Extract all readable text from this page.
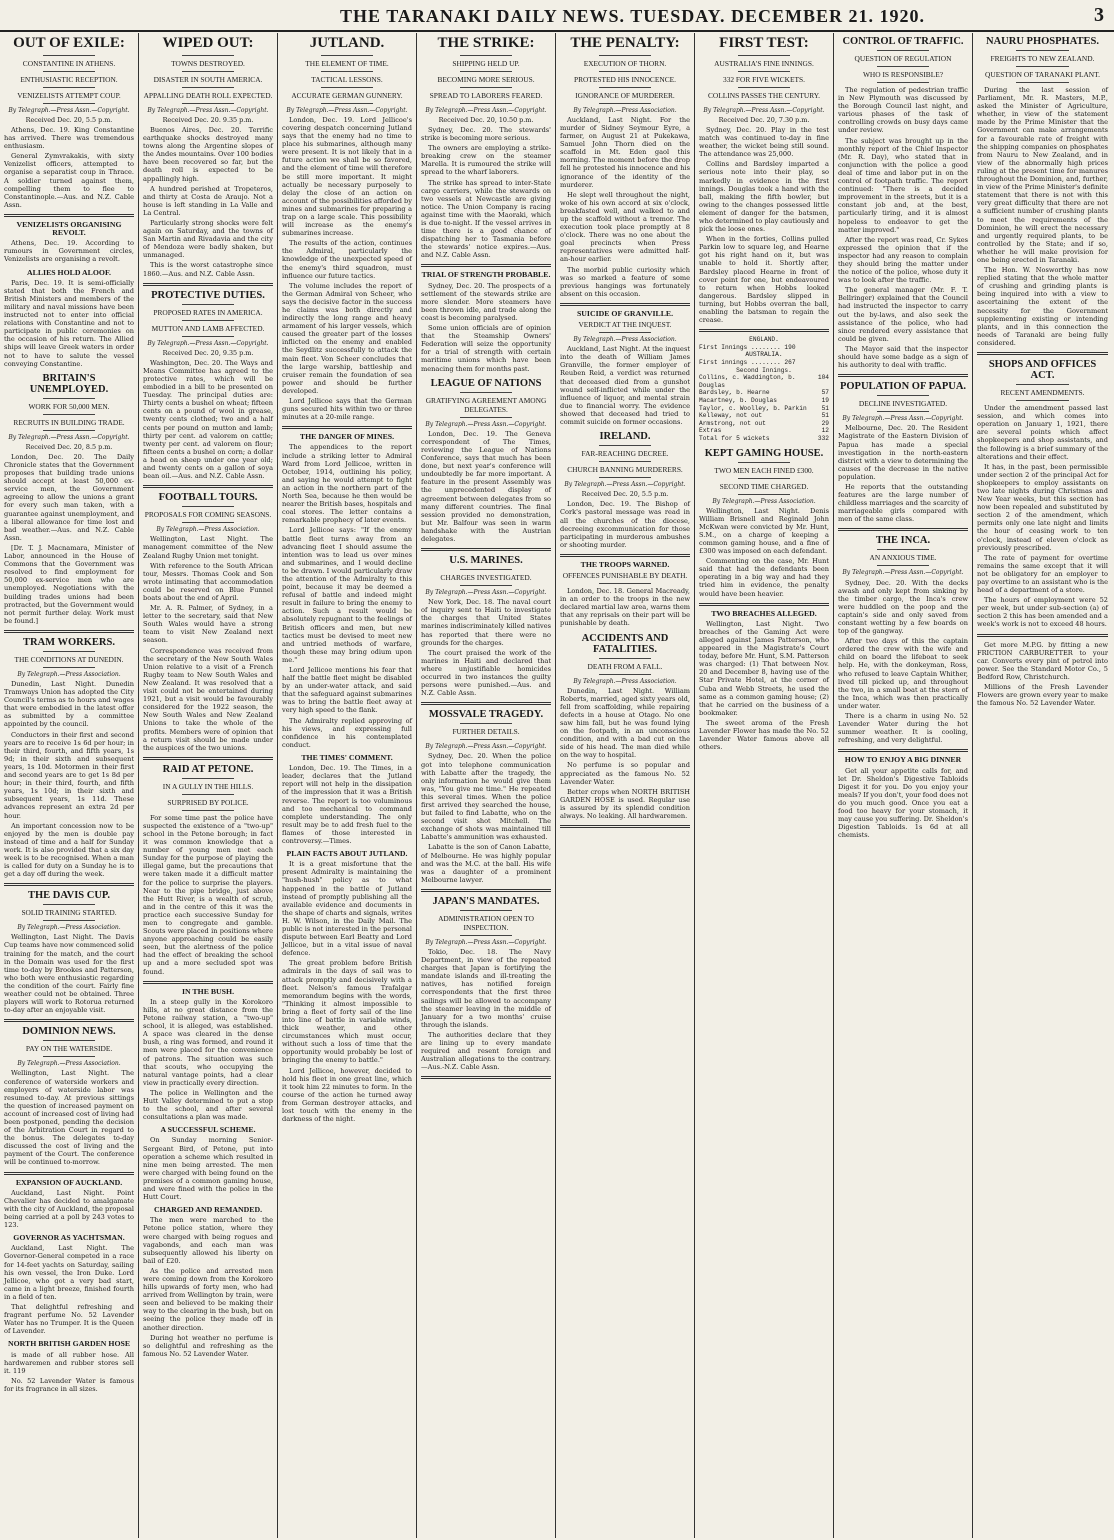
THE TARANAKI DAILY NEWS. TUESDAY. DECEMBER 21. 1920.	3
OUT OF EXILE:
CONSTANTINE IN ATHENS.
ENTHUSIASTIC RECEPTION.
VENIZELISTS ATTEMPT COUP.
By Telegraph.—Press Assn.—Copyright.
Received Dec. 20, 5.5 p.m.

Athens, Dec. 19. King Constantine has arrived. There was tremendous enthusiasm.

General Zymvrakakis, with sixty Venizelist officers, attempted to organise a separatist coup in Thrace. A soldier turned against them, compelling them to flee to Constantinople.—Aus. and N.Z. Cable Assn.

VENIZELISTS ORGANISING REVOLT.

Athens, Dec. 19. According to rumours in Government circles, Venizelists are organising a revolt.

ALLIES HOLD ALOOF.

Paris, Dec. 19. It is semi-officially stated that both the French and British Ministers and members of the military and naval missions have been instructed not to enter into official relations with Constantine and not to participate in public ceremonies on the occasion of his return. The Allied ships will leave Greek waters in order not to have to salute the vessel conveying Constantine.

BRITAIN'S UNEMPLOYED.
WORK FOR 50,000 MEN.
RECRUITS IN BUILDING TRADE.
By Telegraph.—Press Assn.—Copyright.
Received Dec. 20, 8.5 p.m.

London, Dec. 20. The Daily Chronicle states that the Government proposes that building trade unions should accept at least 50,000 ex-service men, the Government agreeing to allow the unions a grant for every such man taken, with a guarantee against unemployment, and a liberal allowance for time lost and bad weather.—Aus. and N.Z. Cable Assn.

[Dr. T. J. Macnamara, Minister of Labor, announced in the House of Commons that the Government was resolved to find employment for 50,000 ex-service men who are unemployed. Negotiations with the building trades unions had been protracted, but the Government would not permit further delay. Work must be found.]

TRAM WORKERS.
THE CONDITIONS AT DUNEDIN.
By Telegraph.—Press Association.

Dunedin, Last Night. Dunedin Tramways Union has adopted the City Council's terms as to hours and wages that were embodied in the latest offer as submitted by a committee appointed by the council.

Conductors in their first and second years are to receive 1s 6d per hour; in their third, fourth, and fifth years, 1s 9d; in their sixth and subsequent years, 1s 10d. Motormen in their first and second years are to get 1s 8d per hour; in their third, fourth, and fifth years, 1s 10d; in their sixth and subsequent years, 1s 11d. These advances represent an extra 2d per hour.

An important concession now to be enjoyed by the men is double pay instead of time and a half for Sunday work. It is also provided that a six day week is to be recognised. When a man is called for duty on a Sunday he is to get a day off during the week.

THE DAVIS CUP.
SOLID TRAINING STARTED.
By Telegraph.—Press Association.

Wellington, Last Night. The Davis Cup teams have now commenced solid training for the match, and the court in the Domain was used for the first time to-day by Brookes and Patterson, who both were enthusiastic regarding the condition of the court. Fairly fine weather could not be obtained. Three players will work to Rotorua returned to-day after an enjoyable visit.

DOMINION NEWS.
PAY ON THE WATERSIDE.
By Telegraph.—Press Association.

Wellington, Last Night. The conference of waterside workers and employers of waterside labor was resumed to-day. At previous sittings the question of increased payment on account of increased cost of living had been postponed, pending the decision of the Arbitration Court in regard to the bonus. The delegates to-day discussed the cost of living and the payment of the Court. The conference will be continued to-morrow.

EXPANSION OF AUCKLAND.

Auckland, Last Night. Point Chevalier has decided to amalgamate with the city of Auckland, the proposal being carried at a poll by 243 votes to 123.

GOVERNOR AS YACHTSMAN.

Auckland, Last Night. The Governor-General competed in a race for 14-feet yachts on Saturday, sailing his own vessel, the Iron Duke. Lord Jellicoe, who got a very bad start, came in a light breeze, finished fourth in a field of ten.

That delightful refreshing and fragrant perfume No. 52 Lavender Water has no Trumper. It is the Queen of Lavender.

NORTH BRITISH GARDEN HOSE

is made of all rubber hose. All hardwaremen and rubber stores sell it. 119

No. 52 Lavender Water is famous for its fragrance in all sizes.

WIPED OUT:
TOWNS DESTROYED.
DISASTER IN SOUTH AMERICA.
APPALLING DEATH ROLL EXPECTED.
By Telegraph.—Press Assn.—Copyright.
Received Dec. 20. 9.35 p.m.

Buenos Aires, Dec. 20. Terrific earthquake shocks destroyed many towns along the Argentine slopes of the Andes mountains. Over 100 bodies have been recovered so far, but the death roll is expected to be appallingly high.

A hundred perished at Tropeteros, and thirty at Costa de Araujo. Not a house is left standing in La Valle and La Central.

Particularly strong shocks were felt again on Saturday, and the towns of San Martin and Rivadavia and the city of Mendoza were badly shaken, but unmanaged.

This is the worst catastrophe since 1860.—Aus. and N.Z. Cable Assn.

PROTECTIVE DUTIES.
PROPOSED RATES IN AMERICA.
MUTTON AND LAMB AFFECTED.
By Telegraph.—Press Assn.—Copyright.
Received Dec. 20, 9.35 p.m.

Washington, Dec. 20. The Ways and Means Committee has agreed to the protective rates, which will be embodied in a bill to be presented on Tuesday. The principal duties are: Thirty cents a bushel on wheat; fifteen cents on a pound of wool in grease, twenty cents clothed; two and a half cents per pound on mutton and lamb; thirty per cent. ad valorem on cattle; twenty per cent. ad valorem on flour; fifteen cents a bushel on corn; a dollar a head on sheep under one year old; and twenty cents on a gallon of soya bean oil.—Aus. and N.Z. Cable Assn.

FOOTBALL TOURS.
PROPOSALS FOR COMING SEASONS.
By Telegraph.—Press Association.

Wellington, Last Night. The management committee of the New Zealand Rugby Union met tonight.

With reference to the South African tour, Messrs. Thomas Cook and Son wrote intimating that accommodation could be reserved on Blue Funnel boats about the end of April.

Mr. A. R. Palmer, of Sydney, in a letter to the secretary, said that New South Wales would have a strong team to visit New Zealand next season.

Correspondence was received from the secretary of the New South Wales Union relative to a visit of a French Rugby team to New South Wales and New Zealand. It was resolved that a visit could not be entertained during 1921, but a visit would be favourably considered for the 1922 season, the New South Wales and New Zealand Unions to take the whole of the profits. Members were of opinion that a return visit should be made under the auspices of the two unions.

RAID AT PETONE.
IN A GULLY IN THE HILLS.
SURPRISED BY POLICE.

For some time past the police have suspected the existence of a "two-up" school in the Petone borough; in fact it was common knowledge that a number of young men met each Sunday for the purpose of playing the illegal game, but the precautions that were taken made it a difficult matter for the police to surprise the players. Near to the pipe bridge, just above the Hutt River, is a wealth of scrub, and in the centre of this it was the practice each successive Sunday for men to congregate and gamble. Scouts were placed in positions where anyone approaching could be easily seen, but the alertness of the police had the effect of breaking the school up and a more secluded spot was found.

IN THE BUSH.

In a steep gully in the Korokoro hills, at no great distance from the Petone railway station, a "two-up" school, it is alleged, was established. A space was cleared in the dense bush, a ring was formed, and round it men were placed for the convenience of patrons. The situation was such that scouts, who occupying the natural vantage points, had a clear view in practically every direction.

The police in Wellington and the Hutt Valley determined to put a stop to the school, and after several consultations a plan was made.

A SUCCESSFUL SCHEME.

On Sunday morning Senior-Sergeant Bird, of Petone, put into operation a scheme which resulted in nine men being arrested. The men were charged with being found on the premises of a common gaming house, and were fined with the police in the Hutt Court.

CHARGED AND REMANDED.

The men were marched to the Petone police station, where they were charged with being rogues and vagabonds, and each man was subsequently allowed his liberty on bail of £20.

As the police and arrested men were coming down from the Korokoro hills upwards of forty men, who had arrived from Wellington by train, were seen and believed to be making their way to the clearing in the bush, but on seeing the police they made off in another direction.

During hot weather no perfume is so delightful and refreshing as the famous No. 52 Lavender Water.

JUTLAND.
THE ELEMENT OF TIME.
TACTICAL LESSONS.
ACCURATE GERMAN GUNNERY.
By Telegraph.—Press Assn.—Copyright.

London, Dec. 19. Lord Jellicoe's covering despatch concerning Jutland says that the enemy had no time to place his submarines, although many were present. It is not likely that in a future action we shall be so favored, and the element of time will therefore be still more important. It might actually be necessary purposely to delay the close of an action on account of the possibilities afforded by mines and submarines for preparing a trap on a large scale. This possibility will increase as the enemy's submarines increase.

The results of the action, continues the Admiral, particularly the knowledge of the unexpected speed of the enemy's third squadron, must influence our future tactics.

The volume includes the report of the German Admiral von Scheer, who says the decisive factor in the success he claims was both directly and indirectly the long range and heavy armament of his larger vessels, which caused the greater part of the losses inflicted on the enemy and enabled the Seydlitz successfully to attack the main fleet. Von Scheer concludes that the large warship, battleship and cruiser remain the foundation of sea power and should be further developed.

Lord Jellicoe says that the German guns secured hits within two or three minutes at a 20-mile range.

THE DANGER OF MINES.

The appendices to the report include a striking letter to Admiral Ward from Lord Jellicoe, written in October, 1914, outlining his policy, and saying he would attempt to fight an action in the northern part of the North Sea, because he then would be nearer the British bases, hospitals and coal stores. The letter contains a remarkable prophecy of later events.

Lord Jellicoe says: "If the enemy battle fleet turns away from an advancing fleet I should assume the intention was to lead us over mines and submarines, and I would decline to be drawn. I would particularly draw the attention of the Admiralty to this point, because it may be deemed a refusal of battle and indeed might result in failure to bring the enemy to action. Such a result would be absolutely repugnant to the feelings of British officers and men, but new tactics must be devised to meet new and untried methods of warfare, though these may bring odium upon me."

Lord Jellicoe mentions his fear that half the battle fleet might be disabled by an under-water attack, and said that the safeguard against submarines was to bring the battle fleet away at very high speed to the flank.

The Admiralty replied approving of his views, and expressing full confidence in his contemplated conduct.

THE TIMES' COMMENT.

London, Dec. 19. The Times, in a leader, declares that the Jutland report will not help in the dissipation of the impression that it was a British reverse. The report is too voluminous and too mechanical to command complete understanding. The only result may be to add fresh fuel to the flames of those interested in controversy.—Times.

PLAIN FACTS ABOUT JUTLAND.

It is a great misfortune that the present Admiralty is maintaining the "hush-hush" policy as to what happened in the battle of Jutland instead of promptly publishing all the available evidence and documents in the shape of charts and signals, writes H. W. Wilson, in the Daily Mail. The public is not interested in the personal dispute between Earl Beatty and Lord Jellicoe, but in a vital issue of naval defence.

The great problem before British admirals in the days of sail was to attack promptly and decisively with a fleet. Nelson's famous Trafalgar memorandum begins with the words, "Thinking it almost impossible to bring a fleet of forty sail of the line into line of battle in variable winds, thick weather, and other circumstances which must occur, without such a loss of time that the opportunity would probably be lost of bringing the enemy to battle."

Lord Jellicoe, however, decided to hold his fleet in one great line, which it took him 22 minutes to form. In the course of the action he turned away from German destroyer attacks, and lost touch with the enemy in the darkness of the night.

THE STRIKE:
SHIPPING HELD UP.
BECOMING MORE SERIOUS.
SPREAD TO LABORERS FEARED.
By Telegraph.—Press Assn.—Copyright.
Received Dec. 20, 10.50 p.m.

Sydney, Dec. 20. The stewards' strike is becoming more serious.

The owners are employing a strike-breaking crew on the steamer Marella. It is rumoured the strike will spread to the wharf laborers.

The strike has spread to inter-State cargo carriers, while the stewards on two vessels at Newcastle are giving notice. The Union Company is racing against time with the Maoraki, which is due to-night. If the vessel arrives in time there is a good chance of dispatching her to Tasmania before the stewards' notice expires.—Aus. and N.Z. Cable Assn.

TRIAL OF STRENGTH PROBABLE.

Sydney, Dec. 20. The prospects of a settlement of the stewards strike are more slender. More steamers have been thrown idle, and trade along the coast is becoming paralysed.

Some union officials are of opinion that the Steamship Owners' Federation will seize the opportunity for a trial of strength with certain maritime unions which have been menacing them for months past.

LEAGUE OF NATIONS
GRATIFYING AGREEMENT AMONG DELEGATES.
By Telegraph.—Press Assn.—Copyright.

London, Dec. 19. The Geneva correspondent of The Times, reviewing the League of Nations Conference, says that much has been done, but next year's conference will undoubtedly be far more important. A feature in the present Assembly was the unprecedented display of agreement between delegates from so many different countries. The final session provided no demonstration, but Mr. Balfour was seen in warm handshake with the Austrian delegates.

U.S. MARINES.
CHARGES INVESTIGATED.
By Telegraph.—Press Assn.—Copyright.

New York, Dec. 18. The naval court of inquiry sent to Haiti to investigate the charges that United States marines indiscriminately killed natives has reported that there were no grounds for the charges.

The court praised the work of the marines in Haiti and declared that where unjustifiable homicides occurred in two instances the guilty persons were punished.—Aus. and N.Z. Cable Assn.

MOSSVALE TRAGEDY.
FURTHER DETAILS.
By Telegraph.—Press Assn.—Copyright.

Sydney, Dec. 20. When the police got into telephone communication with Labatte after the tragedy, the only information he would give them was, "You give me time." He repeated this several times. When the police first arrived they searched the house, but failed to find Labatte, who on the second visit shot Mitchell. The exchange of shots was maintained till Labatte's ammunition was exhausted.

Labatte is the son of Canon Labatte, of Melbourne. He was highly popular and was the M.C. at the ball. His wife was a daughter of a prominent Melbourne lawyer.

JAPAN'S MANDATES.
ADMINISTRATION OPEN TO INSPECTION.
By Telegraph.—Press Assn.—Copyright.

Tokio, Dec. 18. The Navy Department, in view of the repeated charges that Japan is fortifying the mandate islands and ill-treating the natives, has notified foreign correspondents that the first three sailings will be allowed to accompany the steamer leaving in the middle of January for a two months' cruise through the islands.

The authorities declare that they are lining up to every mandate required and resent foreign and Australian allegations to the contrary.—Aus.-N.Z. Cable Assn.

THE PENALTY:
EXECUTION OF THORN.
PROTESTED HIS INNOCENCE.
IGNORANCE OF MURDERER.
By Telegraph.—Press Association.

Auckland, Last Night. For the murder of Sidney Seymour Eyre, a farmer, on August 21 at Pukekawa, Samuel John Thorn died on the scaffold in Mt. Eden gaol this morning. The moment before the drop fell he protested his innocence and his ignorance of the identity of the murderer.

He slept well throughout the night, woke of his own accord at six o'clock, breakfasted well, and walked to and up the scaffold without a tremor. The execution took place promptly at 8 o'clock. There was no one about the goal precincts when Press representatives were admitted half-an-hour earlier.

The morbid public curiosity which was so marked a feature of some previous hangings was fortunately absent on this occasion.

SUICIDE OF GRANVILLE.
VERDICT AT THE INQUEST.
By Telegraph.—Press Association.

Auckland, Last Night. At the inquest into the death of William James Granville, the former employer of Reuben Reid, a verdict was returned that deceased died from a gunshot wound self-inflicted while under the influence of liquor, and mental strain due to financial worry. The evidence showed that deceased had tried to commit suicide on former occasions.

IRELAND.
FAR-REACHING DECREE.
CHURCH BANNING MURDERERS.
By Telegraph.—Press Assn.—Copyright.
Received Dec. 20, 5.5 p.m.

London, Dec. 19. The Bishop of Cork's pastoral message was read in all the churches of the diocese, decreeing excommunication for those participating in murderous ambushes or shooting murder.

THE TROOPS WARNED.
OFFENCES PUNISHABLE BY DEATH.

London, Dec. 18. General Macready, in an order to the troops in the new declared martial law area, warns them that any reprisals on their part will be punishable by death.

ACCIDENTS AND FATALITIES.
DEATH FROM A FALL.
By Telegraph.—Press Association.

Dunedin, Last Night. William Roberts, married, aged sixty years old, fell from scaffolding, while repairing defects in a house at Otago. No one saw him fall, but he was found lying on the footpath, in an unconscious condition, and with a bad cut on the side of his head. The man died while on the way to hospital.

No perfume is so popular and appreciated as the famous No. 52 Lavender Water.

Better crops when NORTH BRITISH GARDEN HOSE is used. Regular use is assured by its splendid condition always. No leaking. All hardwaremen.

FIRST TEST:
AUSTRALIA'S FINE INNINGS.
332 FOR FIVE WICKETS.
COLLINS PASSES THE CENTURY.
By Telegraph.—Press Assn.—Copyright.
Received Dec. 20, 7.30 p.m.

Sydney, Dec. 20. Play in the test match was continued to-day in fine weather, the wicket being still sound. The attendance was 25,000.

Collins and Bardsley imparted a serious note into their play, so markedly in evidence in the first innings. Douglas took a hand with the ball, making the fifth bowler, but owing to the changes possessed little element of danger for the batsmen, who determined to play cautiously and pick the loose ones.

When in the forties, Collins pulled Parkin low to square leg, and Hearne got his right hand on it, but was unable to hold it. Shortly after, Bardsley placed Hearne in front of cover point for one, but endeavoured to return when Hobbs looked dangerous. Bardsley slipped in turning, but Hobbs overran the ball, enabling the batsman to regain the crease.

ENGLAND.
First Innings ........ 190
AUSTRALIA.
First innings ........ 267
Second Innings.
Collins, c. Waddington, b. Douglas
104
Bardsley, b. Hearne	57
Macartney, b. Douglas	19
Taylor, c. Woolley, b. Parkin 51
Kelleway, not out	51
Armstrong, not out	29
Extras	12
Total for 5 wickets	332
KEPT GAMING HOUSE.
TWO MEN EACH FINED £300.
SECOND TIME CHARGED.
By Telegraph.—Press Association.

Wellington, Last Night. Denis William Brisnell and Reginald John McKwan were convicted by Mr. Hunt, S.M., on a charge of keeping a common gaming house, and a fine of £300 was imposed on each defendant.

Commenting on the case, Mr. Hunt said that had the defendants been operating in a big way and had they tried him in evidence, the penalty would have been heavier.

TWO BREACHES ALLEGED.

Wellington, Last Night. Two breaches of the Gaming Act were alleged against James Patterson, who appeared in the Magistrate's Court today, before Mr. Hunt, S.M. Patterson was charged: (1) That between Nov. 20 and December 8, having use of the Star Private Hotel, at the corner of Cuba and Webb Streets, he used the same as a common gaming house; (2) that he carried on the business of a bookmaker.

The sweet aroma of the Fresh Lavender Flower has made the No. 52 Lavender Water famous above all others.

CONTROL OF TRAFFIC.
QUESTION OF REGULATION
WHO IS RESPONSIBLE?

The regulation of pedestrian traffic in New Plymouth was discussed by the Borough Council last night, and various phases of the task of controlling crowds on busy days came under review.

The subject was brought up in the monthly report of the Chief Inspector (Mr. R. Day), who stated that in conjunction with the police a good deal of time and labor put in on the control of footpath traffic. The report continued: "There is a decided improvement in the streets, but it is a constant job and, at the best, particularly tiring, and it is almost hopeless to endeavor to get the matter improved."

After the report was read, Cr. Sykes expressed the opinion that if the inspector had any reason to complain they should bring the matter under the notice of the police, whose duty it was to look after the traffic.

The general manager (Mr. F. T. Bellringer) explained that the Council had instructed the inspector to carry out the by-laws, and also seek the assistance of the police, who had since rendered every assistance that could be given.

The Mayor said that the inspector should have some badge as a sign of his authority to deal with traffic.

POPULATION OF PAPUA.
DECLINE INVESTIGATED.
By Telegraph.—Press Assn.—Copyright.

Melbourne, Dec. 20. The Resident Magistrate of the Eastern Division of Papua has made a special investigation in the north-eastern district with a view to determining the causes of the decrease in the native population.

He reports that the outstanding features are the large number of childless marriages and the scarcity of marriageable girls compared with men of the same class.

THE INCA.
AN ANXIOUS TIME.
By Telegraph.—Press Assn.—Copyright.

Sydney, Dec. 20. With the decks awash and only kept from sinking by the timber cargo, the Inca's crew were huddled on the poop and the captain's side and only saved from constant wetting by a few boards on top of the gangway.

After two days of this the captain ordered the crew with the wife and child on board the lifeboat to seek help. He, with the donkeyman, Ross, who refused to leave Captain Whither, lived till picked up, and throughout the two, in a small boat at the stern of the Inca, which was then practically under water.

There is a charm in using No. 52 Lavender Water during the hot summer weather. It is cooling, refreshing, and very delightful.

HOW TO ENJOY A BIG DINNER

Get all your appetite calls for, and let Dr. Sheldon's Digestive Tabloids Digest it for you. Do you enjoy your meals? If you don't, your food does not do you much good. Once you eat a food too heavy for your stomach, it may cause you suffering. Dr. Sheldon's Digestion Tabloids. 1s 6d at all chemists.

NAURU PHOSPHATES.
FREIGHTS TO NEW ZEALAND.
QUESTION OF TARANAKI PLANT.

During the last session of Parliament, Mr. R. Masters, M.P., asked the Minister of Agriculture, whether, in view of the statement made by the Prime Minister that the Government can make arrangements for a favourable rate of freight with the shipping companies on phosphates from Nauru to New Zealand, and in view of the abnormally high prices ruling at the present time for manures throughout the Dominion, and, further, in view of the Prime Minister's definite statement that there is not with this very great difficulty that there are not a sufficient number of crushing plants to meet the requirements of the Dominion, he will erect the necessary and urgently required plants, to be controlled by the State; and if so, whether he will make provision for one being erected in Taranaki.

The Hon. W. Nosworthy has now replied stating that the whole matter of crushing and grinding plants is being inquired into with a view to ascertaining the extent of the necessity for the Government supplementing existing or intending plants, and in this connection the needs of Taranaki are being fully considered.

SHOPS AND OFFICES ACT.
RECENT AMENDMENTS.

Under the amendment passed last session, and which comes into operation on January 1, 1921, there are several points which affect shopkeepers and shop assistants, and the following is a brief summary of the alterations and their effect.

It has, in the past, been permissible under section 2 of the principal Act for shopkeepers to employ assistants on two late nights during Christmas and New Year weeks, but this section has now been repealed and substituted by section 2 of the amendment, which permits only one late night and limits the hour of ceasing work to ten o'clock, instead of eleven o'clock as previously prescribed.

The rate of payment for overtime remains the same except that it will not be obligatory for an employer to pay overtime to an assistant who is the head of a department of a store.

The hours of employment were 52 per week, but under sub-section (a) of section 2 this has been amended and a week's work is not to exceed 48 hours.

Get more M.P.G. by fitting a new FRICTION CARBURETTER to your car. Converts every pint of petrol into power. See the Standard Motor Co., 5 Bedford Row, Christchurch.

Millions of the Fresh Lavender Flowers are grown every year to make the famous No. 52 Lavender Water.
